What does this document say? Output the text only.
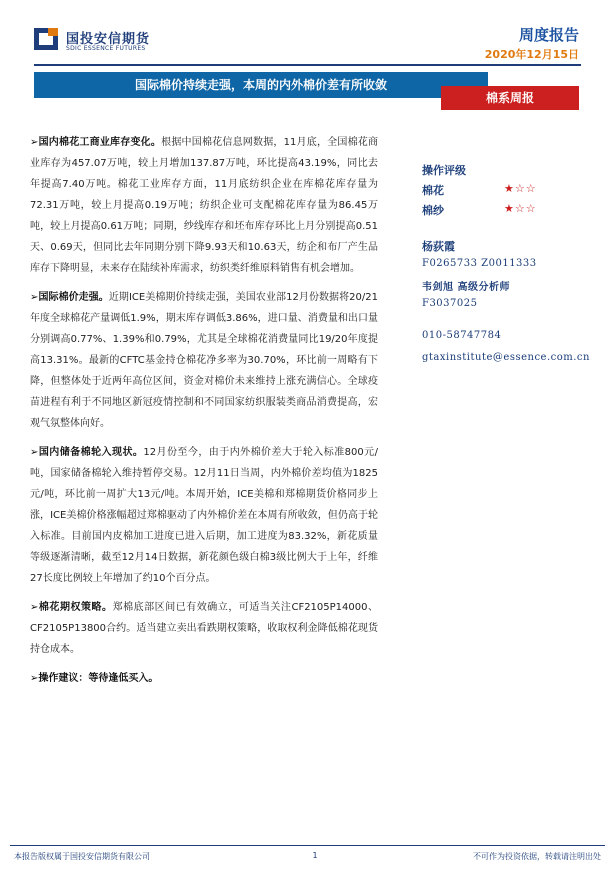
国投安信期货
SDIC ESSENCE FUTURES
周度报告
2020年12月15日
国际棉价持续走强，本周的内外棉价差有所收敛
棉系周报

➢国内棉花工商业库存变化。根据中国棉花信息网数据，11月底，全国棉花商业库存为457.07万吨，较上月增加137.87万吨，环比提高43.19%，同比去年提高7.40万吨。棉花工业库存方面，11月底纺织企业在库棉花库存量为72.31万吨，较上月提高0.19万吨；纺织企业可支配棉花库存量为86.45万吨，较上月提高0.61万吨；同期，纱线库存和坯布库存环比上月分别提高0.51天、0.69天，但同比去年同期分别下降9.93天和10.63天，纺企和布厂产生品库存下降明显，未来存在陆续补库需求，纺织类纤维原料销售有机会增加。

➢国际棉价走强。近期ICE美棉期价持续走强，美国农业部12月份数据将20/21年度全球棉花产量调低1.9%，期末库存调低3.86%，进口量、消费量和出口量分别调高0.77%、1.39%和0.79%，尤其是全球棉花消费量同比19/20年度提高13.31%。最新的CFTC基金持仓棉花净多率为30.70%，环比前一周略有下降，但整体处于近两年高位区间，资金对棉价未来维持上涨充满信心。全球疫苗进程有利于不同地区新冠疫情控制和不同国家纺织服装类商品消费提高，宏观气氛整体向好。

➢国内储备棉轮入现状。12月份至今，由于内外棉价差大于轮入标准800元/吨，国家储备棉轮入维持暂停交易。12月11日当周，内外棉价差均值为1825元/吨，环比前一周扩大13元/吨。本周开始，ICE美棉和郑棉期货价格同步上涨，ICE美棉价格涨幅超过郑棉驱动了内外棉价差在本周有所收敛，但仍高于轮入标准。目前国内皮棉加工进度已进入后期，加工进度为83.32%，新花质量等级逐渐清晰，截至12月14日数据，新花颜色级白棉3级比例大于上年，纤维27长度比例较上年增加了约10个百分点。

➢棉花期权策略。郑棉底部区间已有效确立，可适当关注CF2105P14000、CF2105P13800合约。适当建立卖出看跌期权策略，收取权利金降低棉花现货持仓成本。

➢操作建议：等待逢低买入。

操作评级
棉花	★☆☆
棉纱	★☆☆
杨荻霞
F0265733 Z0011333
韦剑旭 高级分析师
F3037025
010-58747784
gtaxinstitute@essence.com.cn
本报告版权属于国投安信期货有限公司	1	不可作为投资依据，转载请注明出处
